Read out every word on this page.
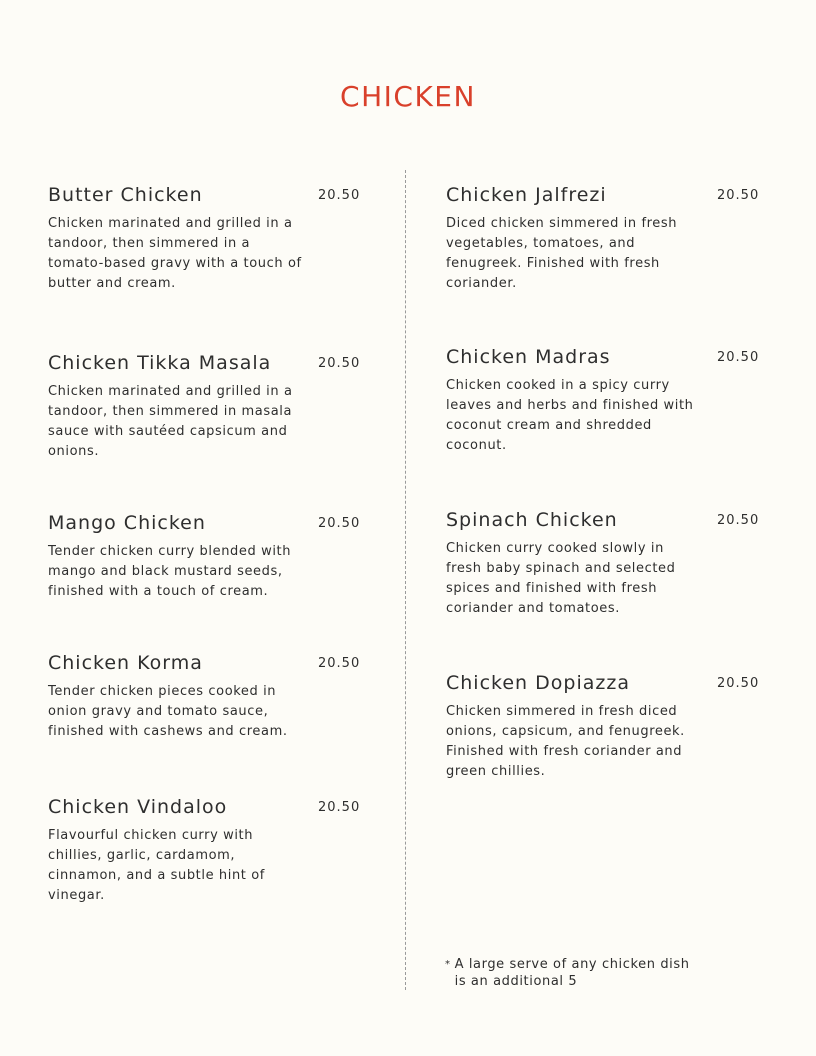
CHICKEN
Butter Chicken	20.50
Chicken marinated and grilled in a tandoor, then simmered in a tomato-based gravy with a touch of butter and cream.
Chicken Tikka Masala	20.50
Chicken marinated and grilled in a tandoor, then simmered in masala sauce with sautéed capsicum and onions.
Mango Chicken	20.50
Tender chicken curry blended with mango and black mustard seeds, finished with a touch of cream.
Chicken Korma	20.50
Tender chicken pieces cooked in onion gravy and tomato sauce, finished with cashews and cream.
Chicken Vindaloo	20.50
Flavourful chicken curry with chillies, garlic, cardamom, cinnamon, and a subtle hint of vinegar.
Chicken Jalfrezi	20.50
Diced chicken simmered in fresh vegetables, tomatoes, and fenugreek. Finished with fresh coriander.
Chicken Madras	20.50
Chicken cooked in a spicy curry leaves and herbs and finished with coconut cream and shredded coconut.
Spinach Chicken	20.50
Chicken curry cooked slowly in fresh baby spinach and selected spices and finished with fresh coriander and tomatoes.
Chicken Dopiazza	20.50
Chicken simmered in fresh diced onions, capsicum, and fenugreek. Finished with fresh coriander and green chillies.
* A large serve of any chicken dish is an additional 5
